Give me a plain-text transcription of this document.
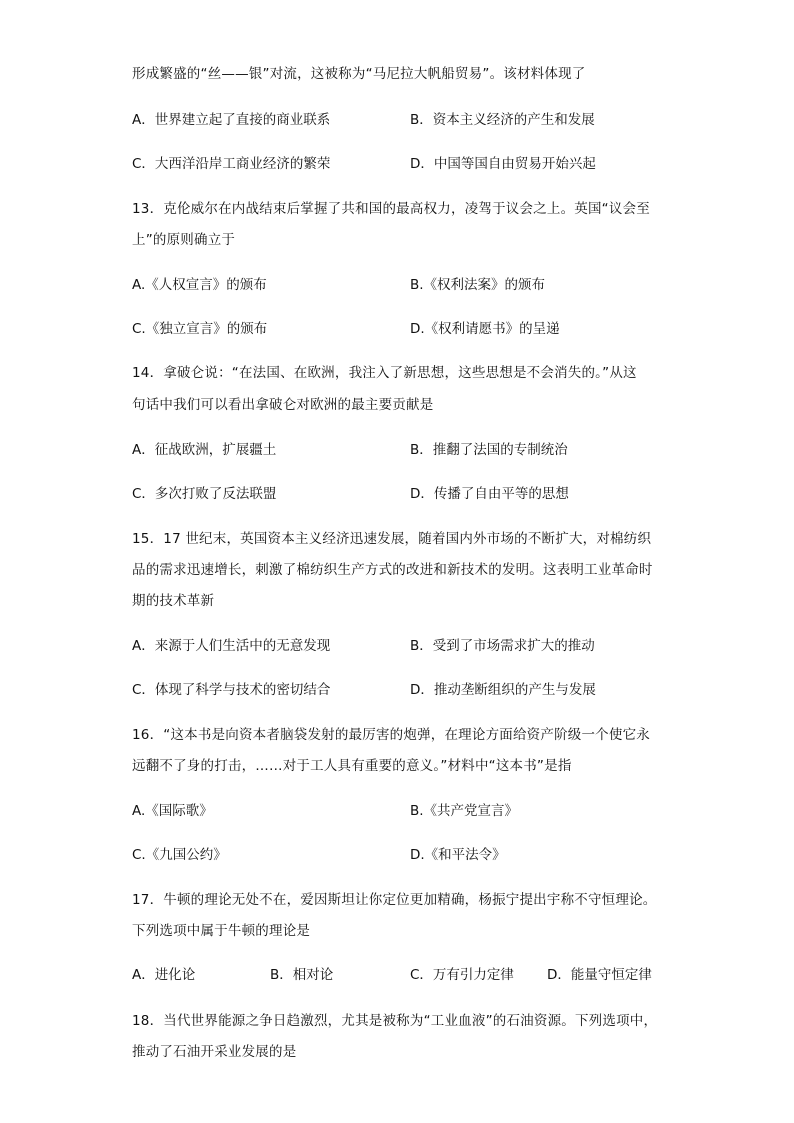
形成繁盛的“丝——银”对流，这被称为“马尼拉大帆船贸易”。该材料体现了
A．世界建立起了直接的商业联系	B．资本主义经济的产生和发展
C．大西洋沿岸工商业经济的繁荣	D．中国等国自由贸易开始兴起
13．克伦威尔在内战结束后掌握了共和国的最高权力，凌驾于议会之上。英国“议会至
上”的原则确立于
A.《人权宣言》的颁布	B.《权利法案》的颁布
C.《独立宣言》的颁布	D.《权利请愿书》的呈递
14．拿破仑说：“在法国、在欧洲，我注入了新思想，这些思想是不会消失的。”从这
句话中我们可以看出拿破仑对欧洲的最主要贡献是
A．征战欧洲，扩展疆土	B．推翻了法国的专制统治
C．多次打败了反法联盟	D．传播了自由平等的思想
15．17 世纪末，英国资本主义经济迅速发展，随着国内外市场的不断扩大，对棉纺织
品的需求迅速增长，刺激了棉纺织生产方式的改进和新技术的发明。这表明工业革命时
期的技术革新
A．来源于人们生活中的无意发现	B．受到了市场需求扩大的推动
C．体现了科学与技术的密切结合	D．推动垄断组织的产生与发展
16．“这本书是向资本者脑袋发射的最厉害的炮弹，在理论方面给资产阶级一个使它永
远翻不了身的打击，……对于工人具有重要的意义。”材料中“这本书”是指
A.《国际歌》	B.《共产党宣言》
C.《九国公约》	D.《和平法令》
17．牛顿的理论无处不在，爱因斯坦让你定位更加精确，杨振宁提出宇称不守恒理论。
下列选项中属于牛顿的理论是
A．进化论	B．相对论	C．万有引力定律 D．能量守恒定律
18．当代世界能源之争日趋激烈，尤其是被称为“工业血液”的石油资源。下列选项中，
推动了石油开采业发展的是
